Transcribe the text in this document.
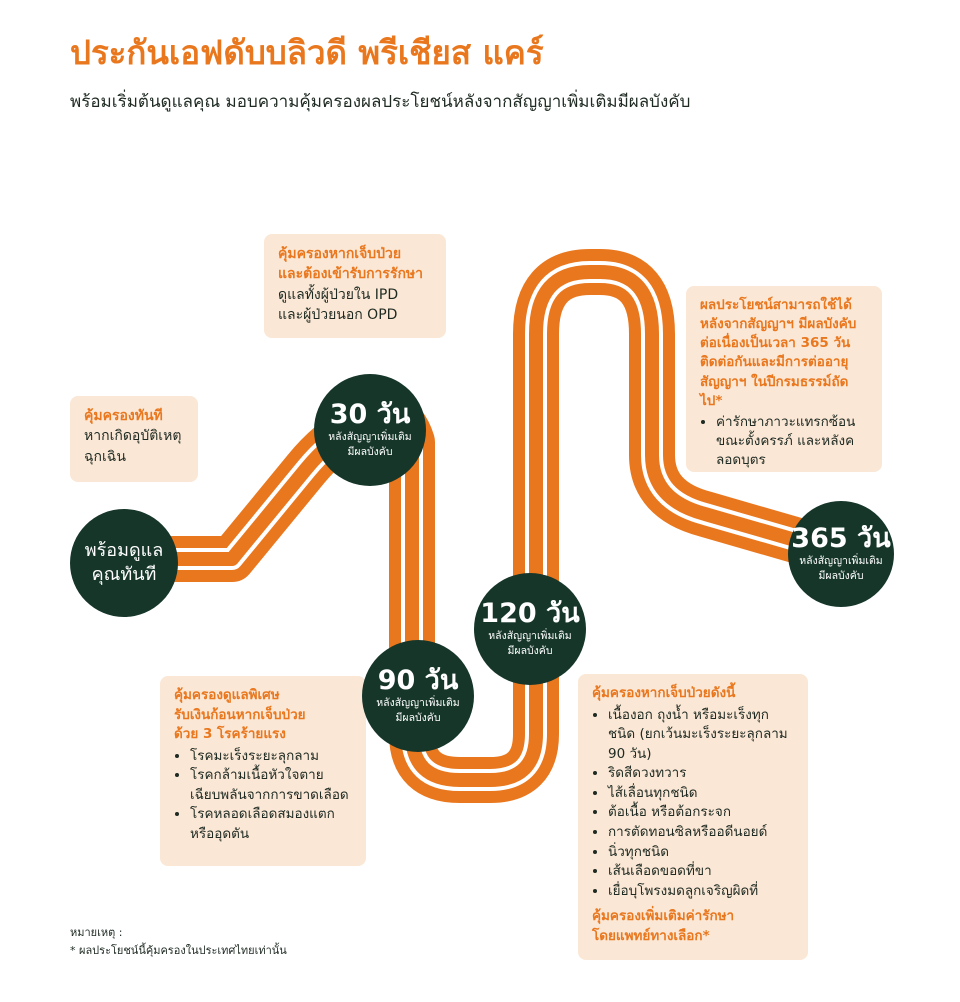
ประกันเอฟดับบลิวดี พรีเชียส แคร์
พร้อมเริ่มต้นดูแลคุณ มอบความคุ้มครองผลประโยชน์หลังจากสัญญาเพิ่มเติมมีผลบังคับ
คุ้มครองทันที
หากเกิดอุบัติเหตุ
ฉุกเฉิน
คุ้มครองหากเจ็บป่วย
และต้องเข้ารับการรักษา
ดูแลทั้งผู้ป่วยใน IPD
และผู้ป่วยนอก OPD
ผลประโยชน์สามารถใช้ได้
หลังจากสัญญาฯ มีผลบังคับ
ต่อเนื่องเป็นเวลา 365 วัน
ติดต่อกันและมีการต่ออายุ
สัญญาฯ ในปีกรมธรรม์ถัดไป*
• ค่ารักษาภาวะแทรกซ้อน ขณะตั้งครรภ์ และหลังคลอดบุตร
คุ้มครองดูแลพิเศษ
รับเงินก้อนหากเจ็บป่วย
ด้วย 3 โรคร้ายแรง
• โรคมะเร็งระยะลุกลาม
• โรคกล้ามเนื้อหัวใจตาย เฉียบพลันจากการขาดเลือด
• โรคหลอดเลือดสมองแตก หรืออุดตัน
คุ้มครองหากเจ็บป่วยดังนี้
• เนื้องอก ถุงน้ำ หรือมะเร็งทุกชนิด (ยกเว้นมะเร็งระยะลุกลาม 90 วัน)
• ริดสีดวงทวาร
• ไส้เลื่อนทุกชนิด
• ต้อเนื้อ หรือต้อกระจก
• การตัดทอนซิลหรืออดีนอยด์
• นิ่วทุกชนิด
• เส้นเลือดขอดที่ขา
• เยื่อบุโพรงมดลูกเจริญผิดที่
คุ้มครองเพิ่มเติมค่ารักษา
โดยแพทย์ทางเลือก*
พร้อมดูแล
คุณทันที
30 วัน
หลังสัญญาเพิ่มเติม
มีผลบังคับ
90 วัน
หลังสัญญาเพิ่มเติม
มีผลบังคับ
120 วัน
หลังสัญญาเพิ่มเติม
มีผลบังคับ
365 วัน
หลังสัญญาเพิ่มเติม
มีผลบังคับ
หมายเหตุ :
* ผลประโยชน์นี้คุ้มครองในประเทศไทยเท่านั้น
